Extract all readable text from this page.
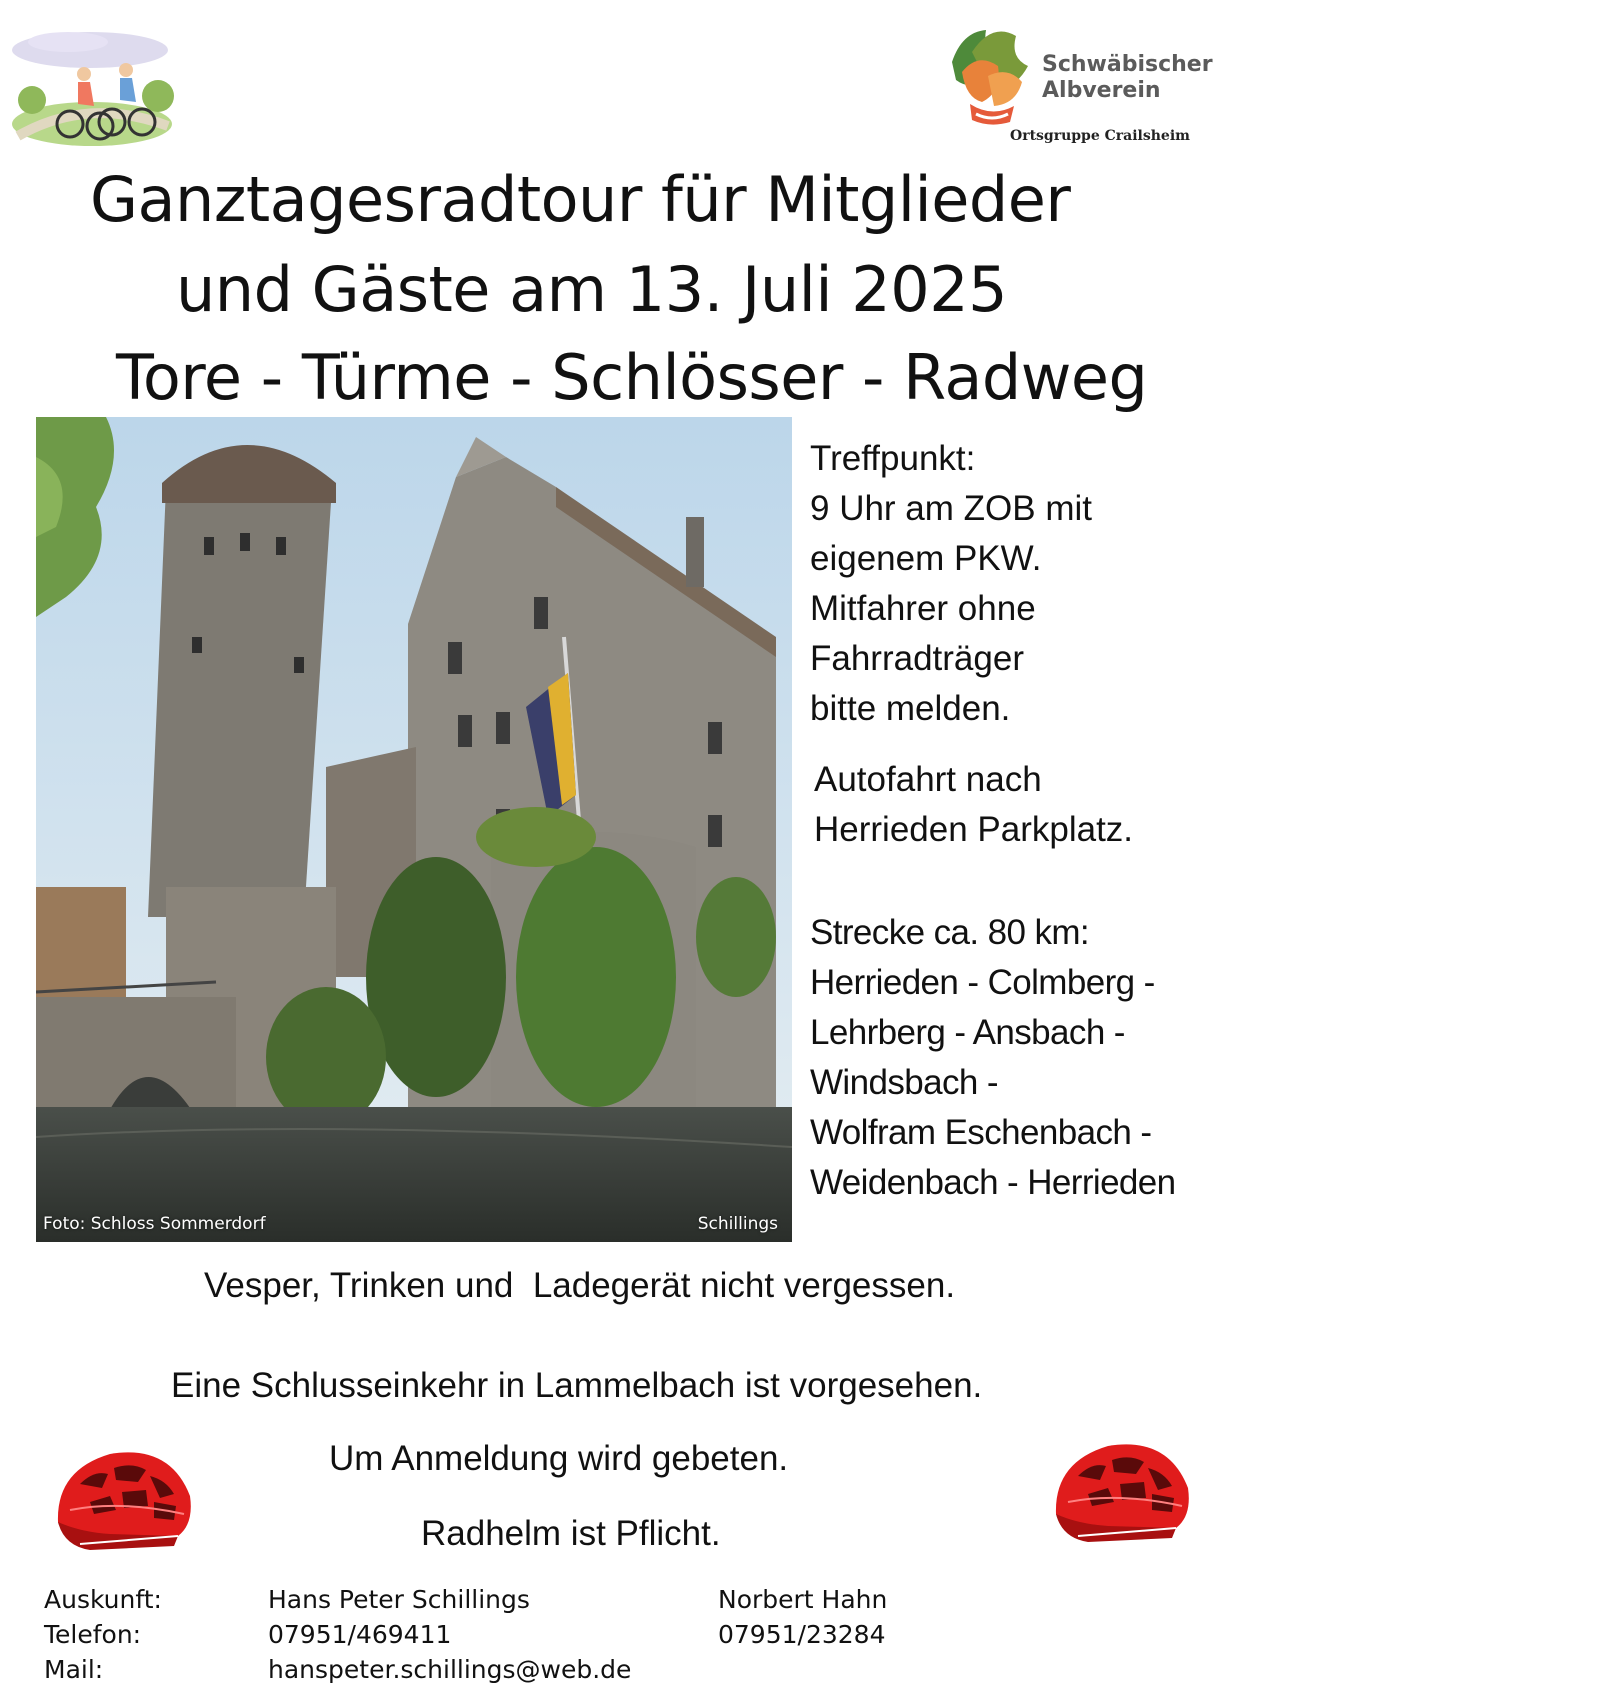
Schwäbischer
Albverein
Ortsgruppe Crailsheim
Ganztagesradtour für Mitglieder
und Gäste am 13. Juli 2025
Tore - Türme - Schlösser - Radweg
Foto: Schloss Sommerdorf	Schillings
Treffpunkt:
9 Uhr am ZOB mit
eigenem PKW.
Mitfahrer ohne
Fahrradträger
bitte melden.
Autofahrt nach
Herrieden Parkplatz.
Strecke ca. 80 km:
Herrieden - Colmberg -
Lehrberg - Ansbach -
Windsbach -
Wolfram Eschenbach -
Weidenbach - Herrieden
Vesper, Trinken und  Ladegerät nicht vergessen.
Eine Schlusseinkehr in Lammelbach ist vorgesehen.
Um Anmeldung wird gebeten.
Radhelm ist Pflicht.
Auskunft:
Telefon:
Mail:
Hans Peter Schillings
07951/469411
hanspeter.schillings@web.de
Norbert Hahn
07951/23284
